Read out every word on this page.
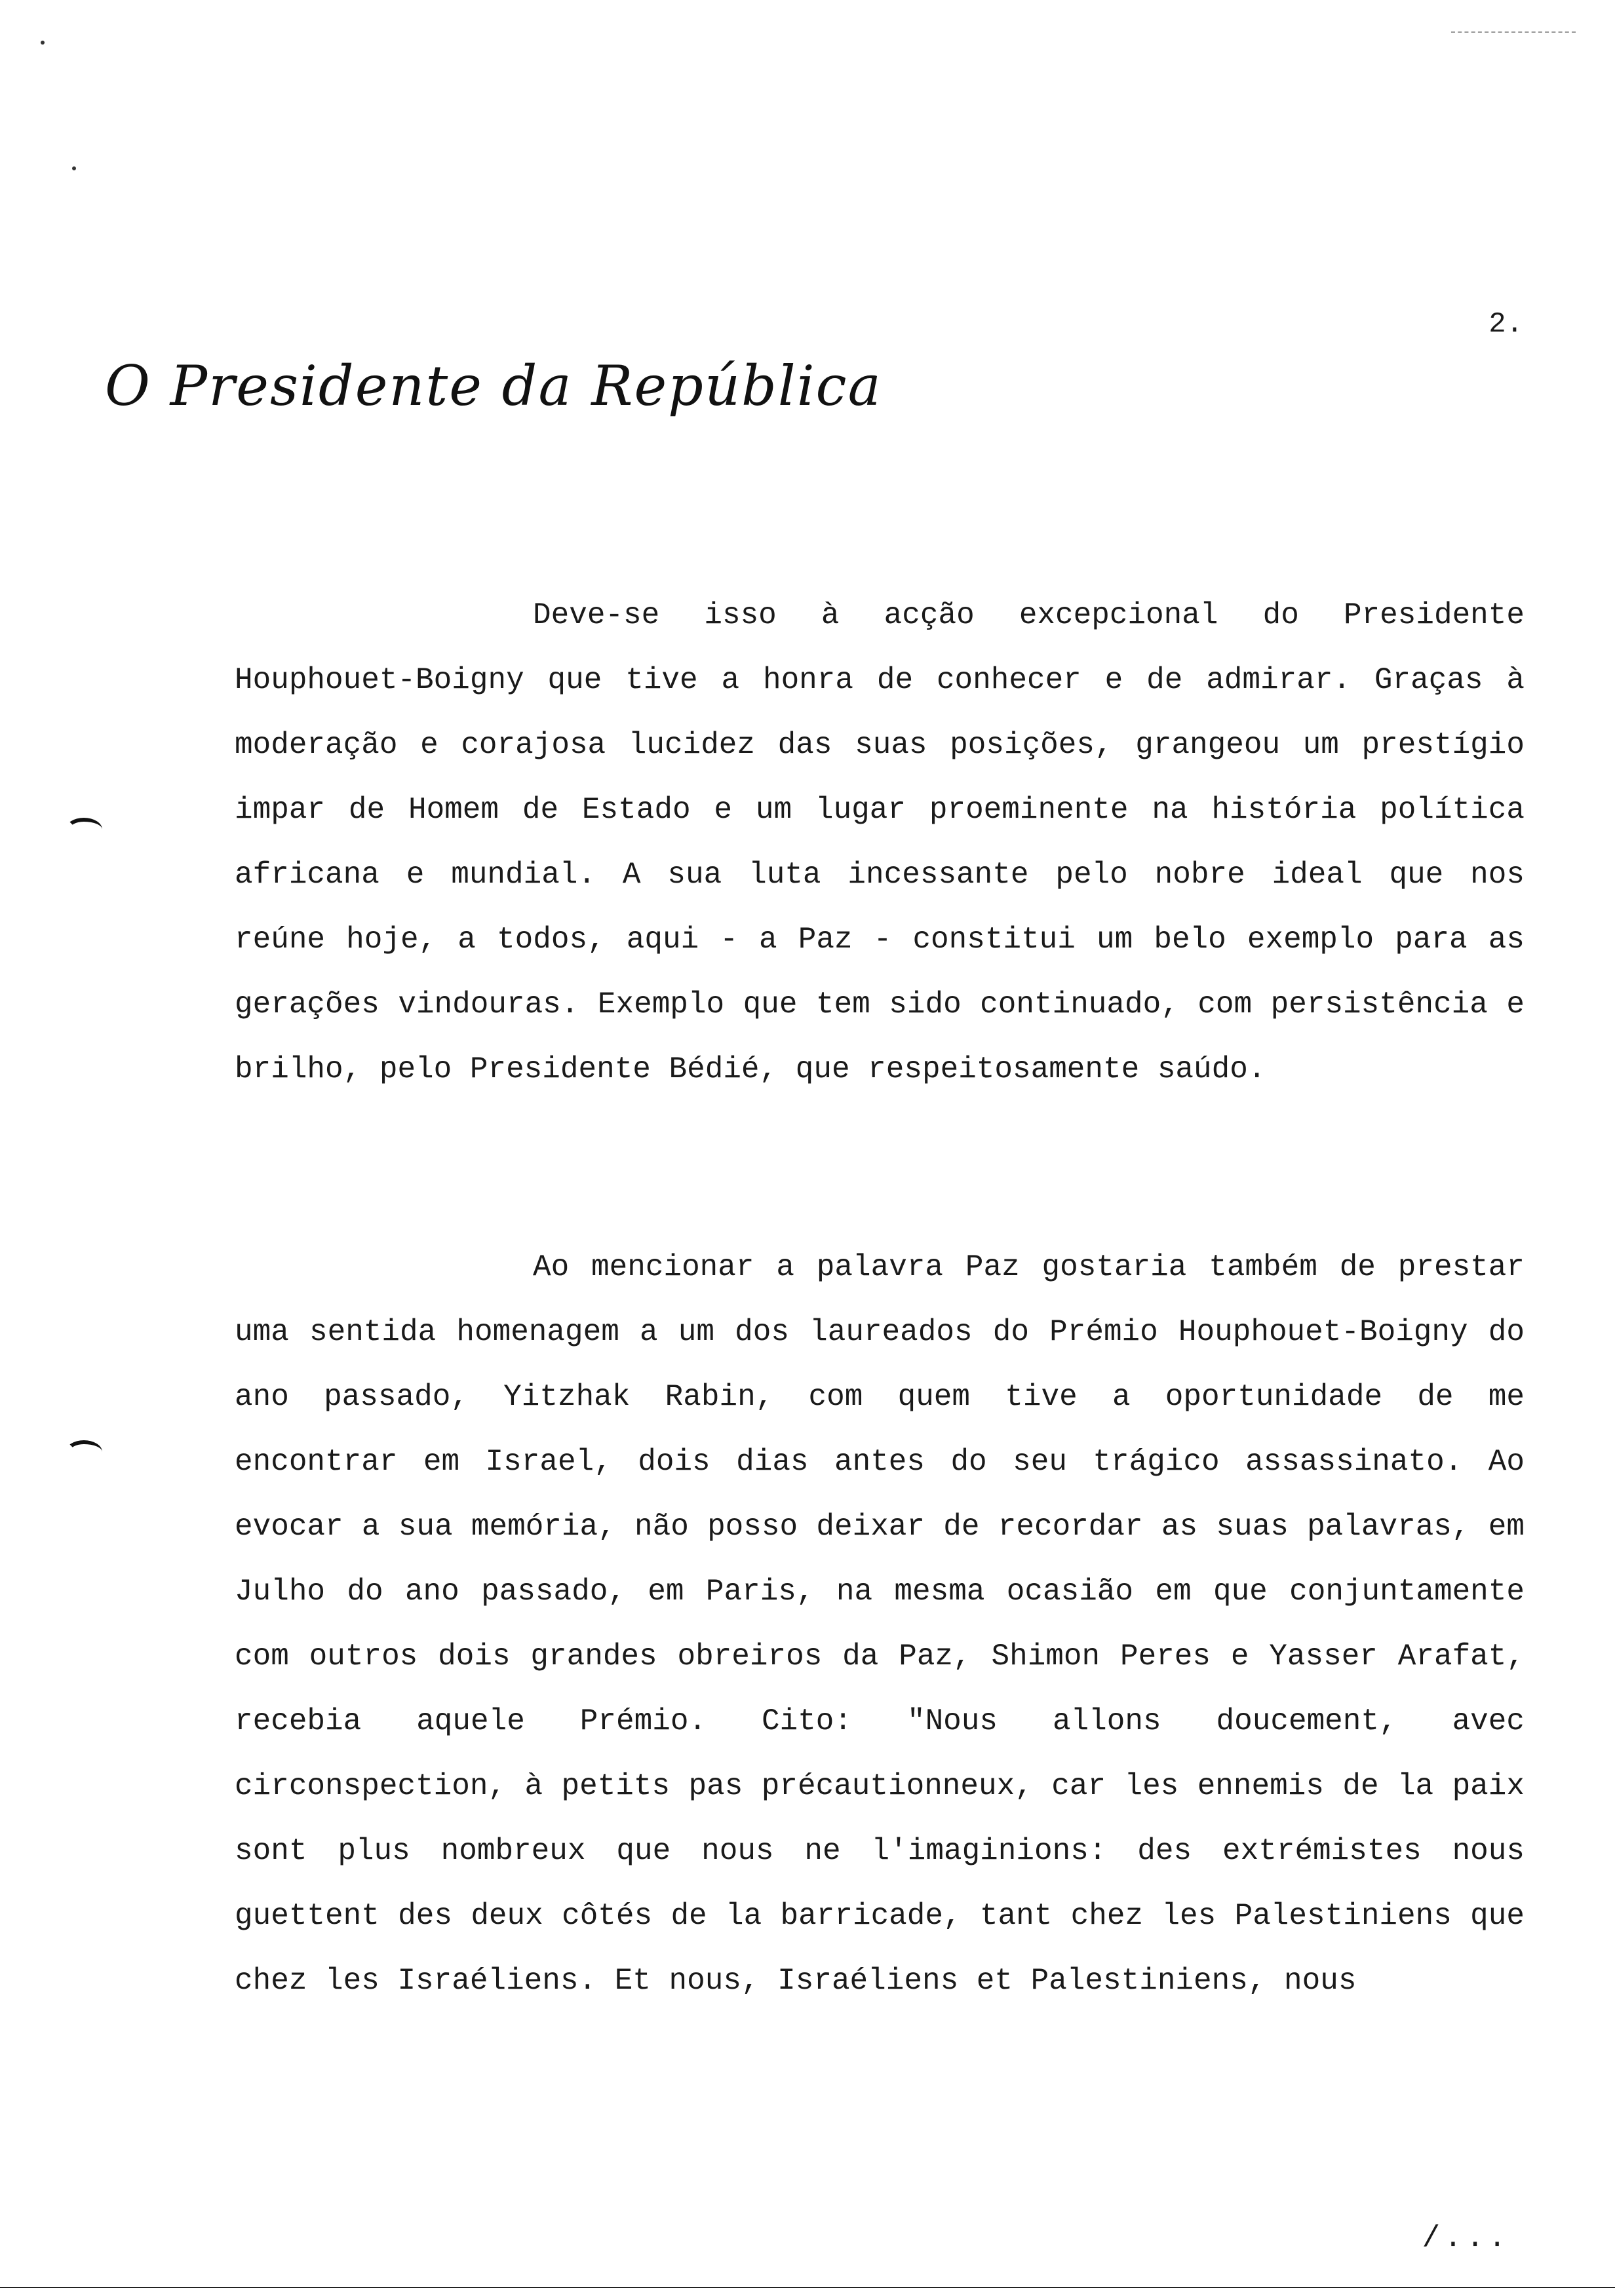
2.
O Presidente da República

Deve-se isso à acção excepcional do Presidente Houphouet-Boigny que tive a honra de conhecer e de admirar. Graças à moderação e corajosa lucidez das suas posições, grangeou um prestígio impar de Homem de Estado e um lugar proeminente na história política africana e mundial. A sua luta incessante pelo nobre ideal que nos reúne hoje, a todos, aqui - a Paz - constitui um belo exemplo para as gerações vindouras. Exemplo que tem sido continuado, com persistência e brilho, pelo Presidente Bédié, que respeitosamente saúdo.

Ao mencionar a palavra Paz gostaria também de prestar uma sentida homenagem a um dos laureados do Prémio Houphouet-Boigny do ano passado, Yitzhak Rabin, com quem tive a oportunidade de me encontrar em Israel, dois dias antes do seu trágico assassinato. Ao evocar a sua memória, não posso deixar de recordar as suas palavras, em Julho do ano passado, em Paris, na mesma ocasião em que conjuntamente com outros dois grandes obreiros da Paz, Shimon Peres e Yasser Arafat, recebia aquele Prémio. Cito: "Nous allons doucement, avec circonspection, à petits pas précautionneux, car les ennemis de la paix sont plus nombreux que nous ne l'imaginions: des extrémistes nous guettent des deux côtés de la barricade, tant chez les Palestiniens que chez les Israéliens. Et nous, Israéliens et Palestiniens, nous

/...
